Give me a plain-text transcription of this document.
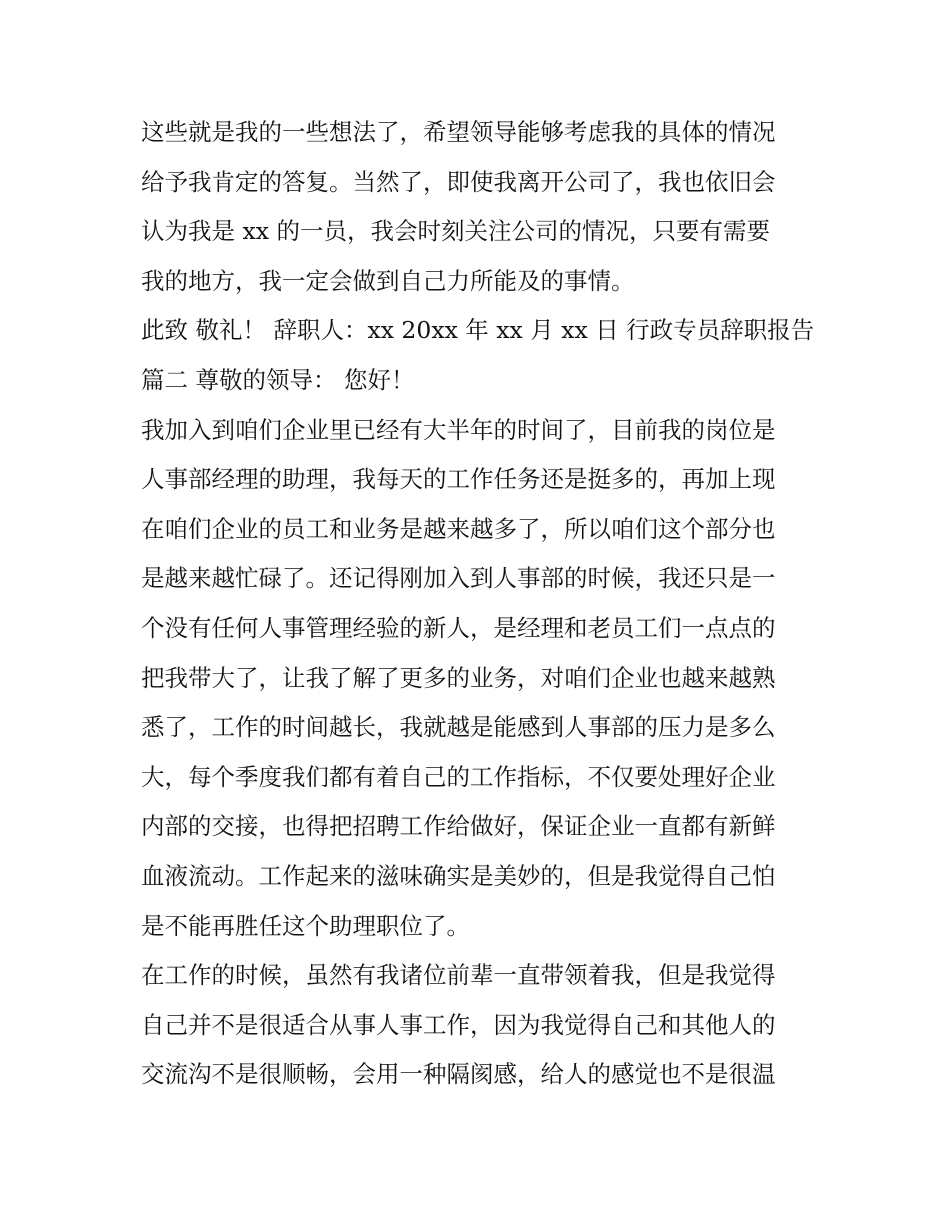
这些就是我的一些想法了，希望领导能够考虑我的具体的情况
给予我肯定的答复。当然了，即使我离开公司了，我也依旧会
认为我是 xx 的一员，我会时刻关注公司的情况，只要有需要
我的地方，我一定会做到自己力所能及的事情。
此致 敬礼！ 辞职人：xx 20xx 年 xx 月 xx 日 行政专员辞职报告
篇二 尊敬的领导： 您好！
我加入到咱们企业里已经有大半年的时间了，目前我的岗位是
人事部经理的助理，我每天的工作任务还是挺多的，再加上现
在咱们企业的员工和业务是越来越多了，所以咱们这个部分也
是越来越忙碌了。还记得刚加入到人事部的时候，我还只是一
个没有任何人事管理经验的新人，是经理和老员工们一点点的
把我带大了，让我了解了更多的业务，对咱们企业也越来越熟
悉了，工作的时间越长，我就越是能感到人事部的压力是多么
大，每个季度我们都有着自己的工作指标，不仅要处理好企业
内部的交接，也得把招聘工作给做好，保证企业一直都有新鲜
血液流动。工作起来的滋味确实是美妙的，但是我觉得自己怕
是不能再胜任这个助理职位了。
在工作的时候，虽然有我诸位前辈一直带领着我，但是我觉得
自己并不是很适合从事人事工作，因为我觉得自己和其他人的
交流沟不是很顺畅，会用一种隔阂感，给人的感觉也不是很温
